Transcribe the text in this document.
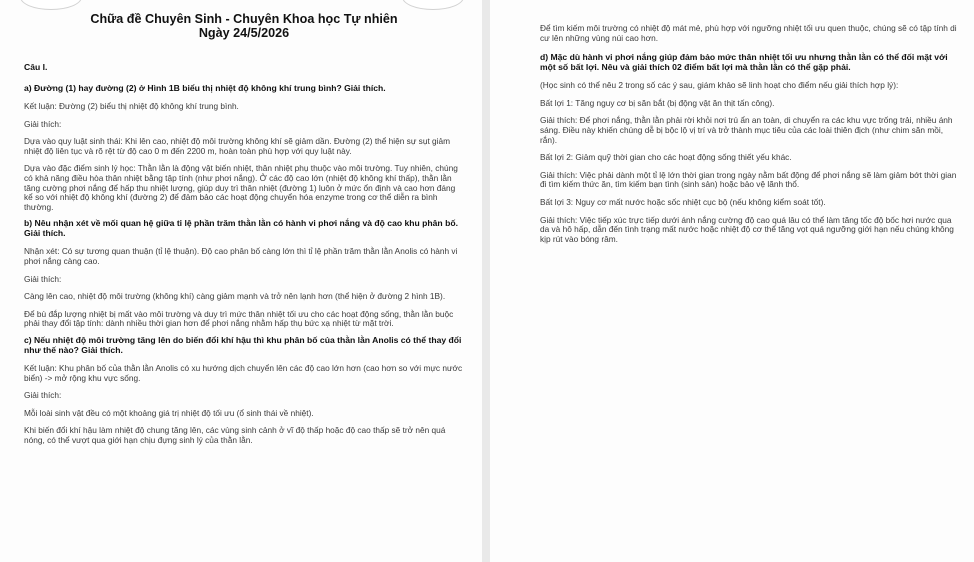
Chữa đề Chuyên Sinh - Chuyên Khoa học Tự nhiên
Ngày 24/5/2026
Câu I.
a) Đường (1) hay đường (2) ở Hình 1B biểu thị nhiệt độ không khí trung bình? Giải thích.
Kết luận: Đường (2) biểu thị nhiệt độ không khí trung bình.
Giải thích:
Dựa vào quy luật sinh thái: Khi lên cao, nhiệt độ môi trường không khí sẽ giảm dần. Đường (2) thể hiện sự sụt giảm nhiệt độ liên tục và rõ rệt từ độ cao 0 m đến 2200 m, hoàn toàn phù hợp với quy luật này.
Dựa vào đặc điểm sinh lý học: Thằn lằn là động vật biến nhiệt, thân nhiệt phụ thuộc vào môi trường. Tuy nhiên, chúng có khả năng điều hòa thân nhiệt bằng tập tính (như phơi nắng). Ở các độ cao lớn (nhiệt độ không khí thấp), thằn lằn tăng cường phơi nắng để hấp thu nhiệt lượng, giúp duy trì thân nhiệt (đường 1) luôn ở mức ổn định và cao hơn đáng kể so với nhiệt độ không khí (đường 2) để đảm bảo các hoạt động chuyển hóa enzyme trong cơ thể diễn ra bình thường.
b) Nêu nhận xét về mối quan hệ giữa tỉ lệ phần trăm thằn lằn có hành vi phơi nắng và độ cao khu phân bố. Giải thích.
Nhận xét: Có sự tương quan thuận (tỉ lệ thuận). Độ cao phân bố càng lớn thì tỉ lệ phần trăm thằn lằn Anolis có hành vi phơi nắng càng cao.
Giải thích:
Càng lên cao, nhiệt độ môi trường (không khí) càng giảm mạnh và trở nên lạnh hơn (thể hiện ở đường 2 hình 1B).
Để bù đắp lượng nhiệt bị mất vào môi trường và duy trì mức thân nhiệt tối ưu cho các hoạt động sống, thằn lằn buộc phải thay đổi tập tính: dành nhiều thời gian hơn để phơi nắng nhằm hấp thụ bức xạ nhiệt từ mặt trời.
c) Nếu nhiệt độ môi trường tăng lên do biến đổi khí hậu thì khu phân bố của thằn lằn Anolis có thể thay đổi như thế nào? Giải thích.
Kết luận: Khu phân bố của thằn lằn Anolis có xu hướng dịch chuyển lên các độ cao lớn hơn (cao hơn so với mực nước biển) -> mở rộng khu vực sống.
Giải thích:
Mỗi loài sinh vật đều có một khoảng giá trị nhiệt độ tối ưu (ổ sinh thái về nhiệt).
Khi biến đổi khí hậu làm nhiệt độ chung tăng lên, các vùng sinh cảnh ở vĩ độ thấp hoặc độ cao thấp sẽ trở nên quá nóng, có thể vượt qua giới hạn chịu đựng sinh lý của thằn lằn.
Để tìm kiếm môi trường có nhiệt độ mát mẻ, phù hợp với ngưỡng nhiệt tối ưu quen thuộc, chúng sẽ có tập tính di cư lên những vùng núi cao hơn.
d) Mặc dù hành vi phơi nắng giúp đảm bảo mức thân nhiệt tối ưu nhưng thằn lằn có thể đối mặt với một số bất lợi. Nêu và giải thích 02 điểm bất lợi mà thằn lằn có thể gặp phải.
(Học sinh có thể nêu 2 trong số các ý sau, giám khảo sẽ linh hoạt cho điểm nếu giải thích hợp lý):
Bất lợi 1: Tăng nguy cơ bị săn bắt (bị động vật ăn thịt tấn công).
Giải thích: Để phơi nắng, thằn lằn phải rời khỏi nơi trú ẩn an toàn, di chuyển ra các khu vực trống trải, nhiều ánh sáng. Điều này khiến chúng dễ bị bộc lộ vị trí và trở thành mục tiêu của các loài thiên địch (như chim săn mồi, rắn).
Bất lợi 2: Giảm quỹ thời gian cho các hoạt động sống thiết yếu khác.
Giải thích: Việc phải dành một tỉ lệ lớn thời gian trong ngày nằm bất động để phơi nắng sẽ làm giảm bớt thời gian đi tìm kiếm thức ăn, tìm kiếm bạn tình (sinh sản) hoặc bảo vệ lãnh thổ.
Bất lợi 3: Nguy cơ mất nước hoặc sốc nhiệt cục bộ (nếu không kiểm soát tốt).
Giải thích: Việc tiếp xúc trực tiếp dưới ánh nắng cường độ cao quá lâu có thể làm tăng tốc độ bốc hơi nước qua da và hô hấp, dẫn đến tình trạng mất nước hoặc nhiệt độ cơ thể tăng vọt quá ngưỡng giới hạn nếu chúng không kịp rút vào bóng râm.
